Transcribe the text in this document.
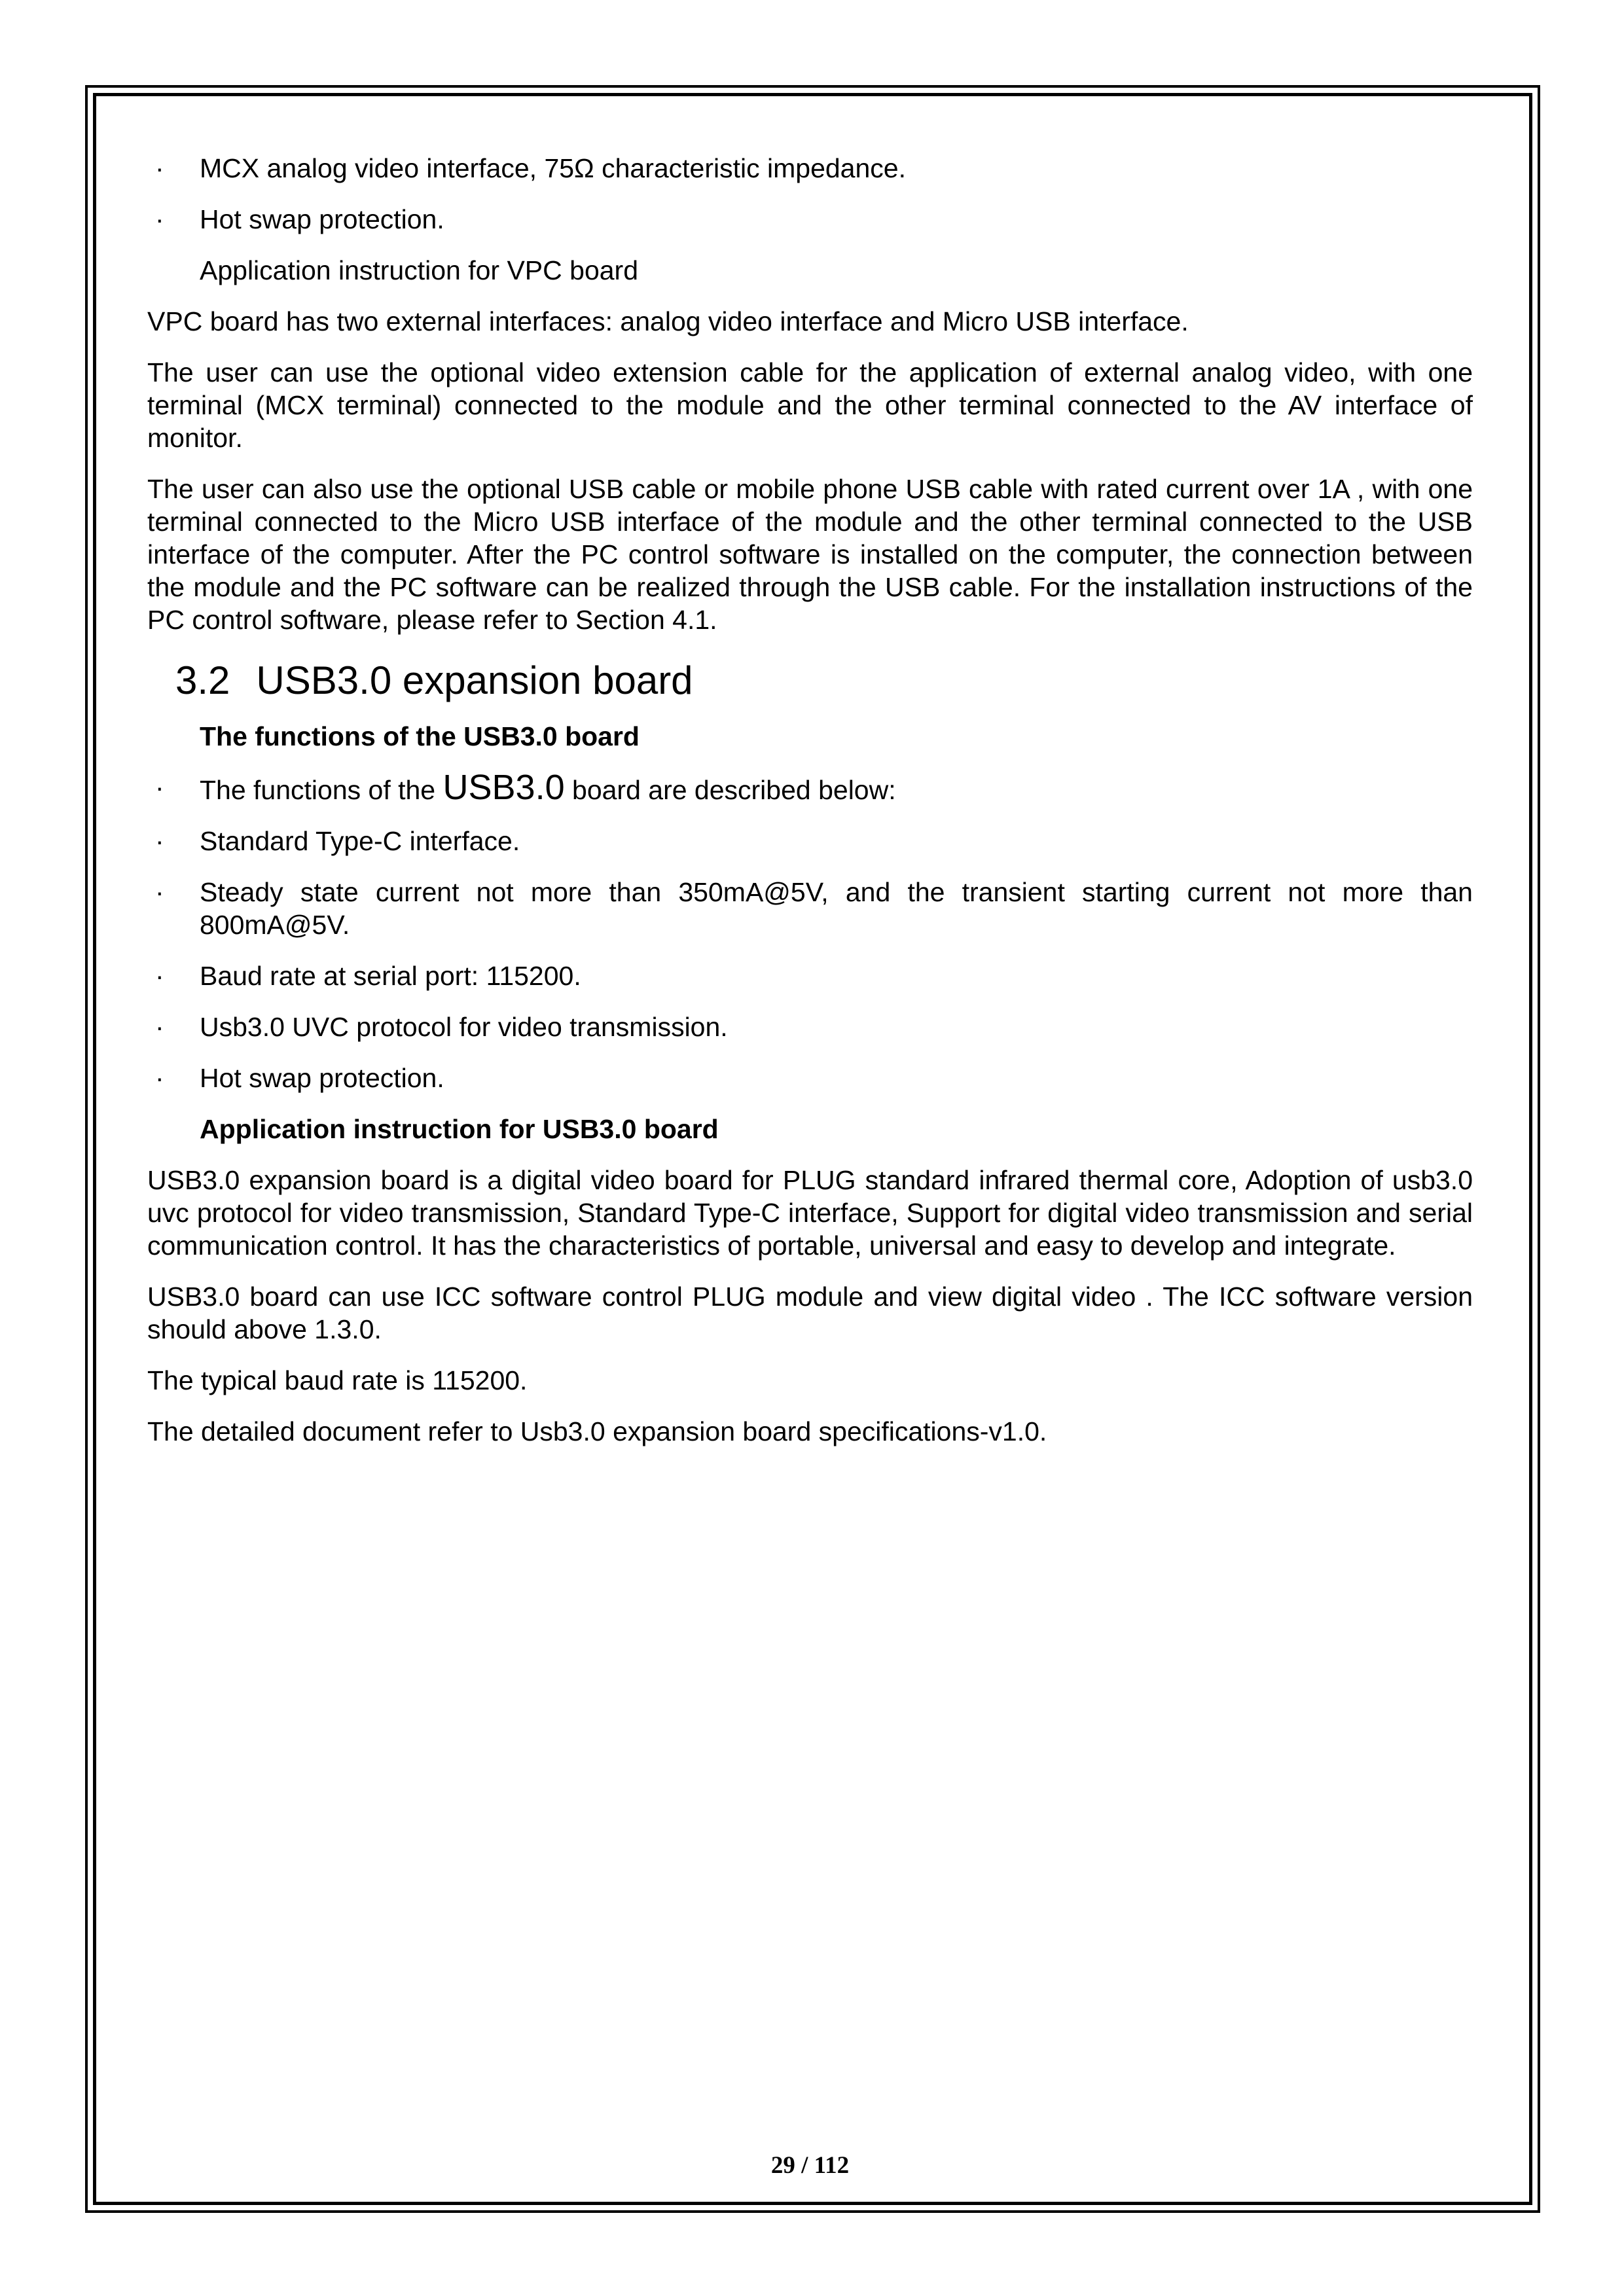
·	MCX analog video interface, 75Ω characteristic impedance.
·	Hot swap protection.
Application instruction for VPC board
VPC board has two external interfaces: analog video interface and Micro USB interface.
The user can use the optional video extension cable for the application of external analog video, with one terminal (MCX terminal) connected to the module and the other terminal connected to the AV interface of monitor.
The user can also use the optional USB cable or mobile phone USB cable with rated current over 1A , with one terminal connected to the Micro USB interface of the module and the other terminal connected to the USB interface of the computer. After the PC control software is installed on the computer, the connection between the module and the PC software can be realized through the USB cable. For the installation instructions of the PC control software, please refer to Section 4.1.
3.2 USB3.0 expansion board
The functions of the USB3.0 board
·	The functions of the USB3.0 board are described below:
·	Standard Type-C interface.
·	Steady state current not more than 350mA@5V, and the transient starting current not more than 800mA@5V.
·	Baud rate at serial port: 115200.
·	Usb3.0 UVC protocol for video transmission.
·	Hot swap protection.
Application instruction for USB3.0 board
USB3.0 expansion board is a digital video board for PLUG standard infrared thermal core, Adoption of usb3.0 uvc protocol for video transmission, Standard Type-C interface, Support for digital video transmission and serial communication control. It has the characteristics of portable, universal and easy to develop and integrate.
USB3.0 board can use ICC software control PLUG module and view digital video . The ICC software version should above 1.3.0.
The typical baud rate is 115200.
The detailed document refer to Usb3.0 expansion board specifications-v1.0.
29 / 112
